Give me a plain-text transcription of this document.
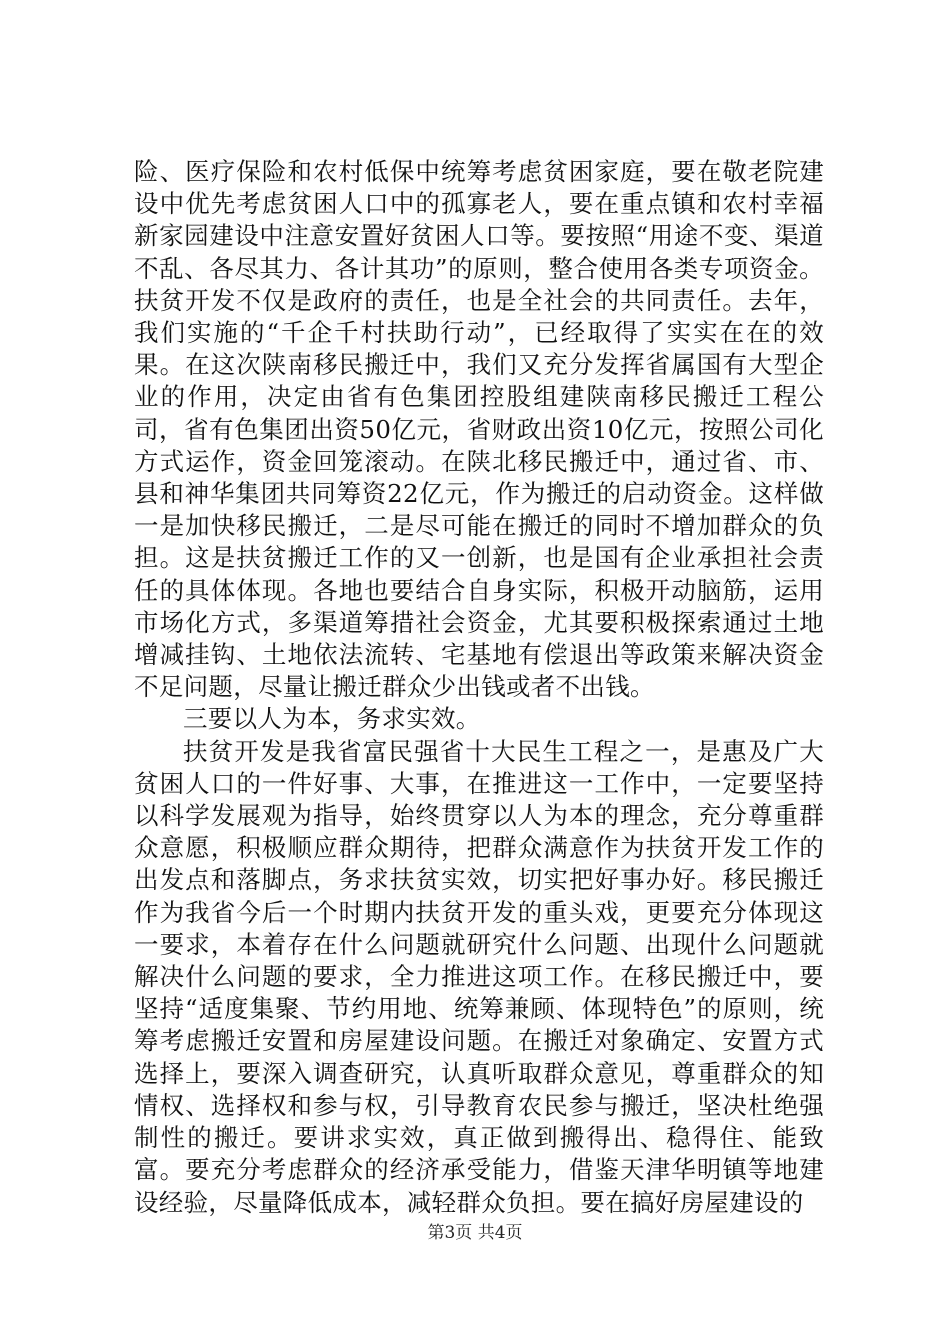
险、医疗保险和农村低保中统筹考虑贫困家庭，要在敬老院建设中优先考虑贫困人口中的孤寡老人，要在重点镇和农村幸福新家园建设中注意安置好贫困人口等。要按照“用途不变、渠道不乱、各尽其力、各计其功”的原则，整合使用各类专项资金。扶贫开发不仅是政府的责任，也是全社会的共同责任。去年，我们实施的“千企千村扶助行动”，已经取得了实实在在的效果。在这次陕南移民搬迁中，我们又充分发挥省属国有大型企业的作用，决定由省有色集团控股组建陕南移民搬迁工程公司，省有色集团出资50亿元，省财政出资10亿元，按照公司化方式运作，资金回笼滚动。在陕北移民搬迁中，通过省、市、县和神华集团共同筹资22亿元，作为搬迁的启动资金。这样做一是加快移民搬迁，二是尽可能在搬迁的同时不增加群众的负担。这是扶贫搬迁工作的又一创新，也是国有企业承担社会责任的具体体现。各地也要结合自身实际，积极开动脑筋，运用市场化方式，多渠道筹措社会资金，尤其要积极探索通过土地增减挂钩、土地依法流转、宅基地有偿退出等政策来解决资金不足问题，尽量让搬迁群众少出钱或者不出钱。

三要以人为本，务求实效。

扶贫开发是我省富民强省十大民生工程之一，是惠及广大贫困人口的一件好事、大事，在推进这一工作中，一定要坚持以科学发展观为指导，始终贯穿以人为本的理念，充分尊重群众意愿，积极顺应群众期待，把群众满意作为扶贫开发工作的出发点和落脚点，务求扶贫实效，切实把好事办好。移民搬迁作为我省今后一个时期内扶贫开发的重头戏，更要充分体现这一要求，本着存在什么问题就研究什么问题、出现什么问题就解决什么问题的要求，全力推进这项工作。在移民搬迁中，要坚持“适度集聚、节约用地、统筹兼顾、体现特色”的原则，统筹考虑搬迁安置和房屋建设问题。在搬迁对象确定、安置方式选择上，要深入调查研究，认真听取群众意见，尊重群众的知情权、选择权和参与权，引导教育农民参与搬迁，坚决杜绝强制性的搬迁。要讲求实效，真正做到搬得出、稳得住、能致富。要充分考虑群众的经济承受能力，借鉴天津华明镇等地建设经验，尽量降低成本，减轻群众负担。要在搞好房屋建设的

第3页 共4页
